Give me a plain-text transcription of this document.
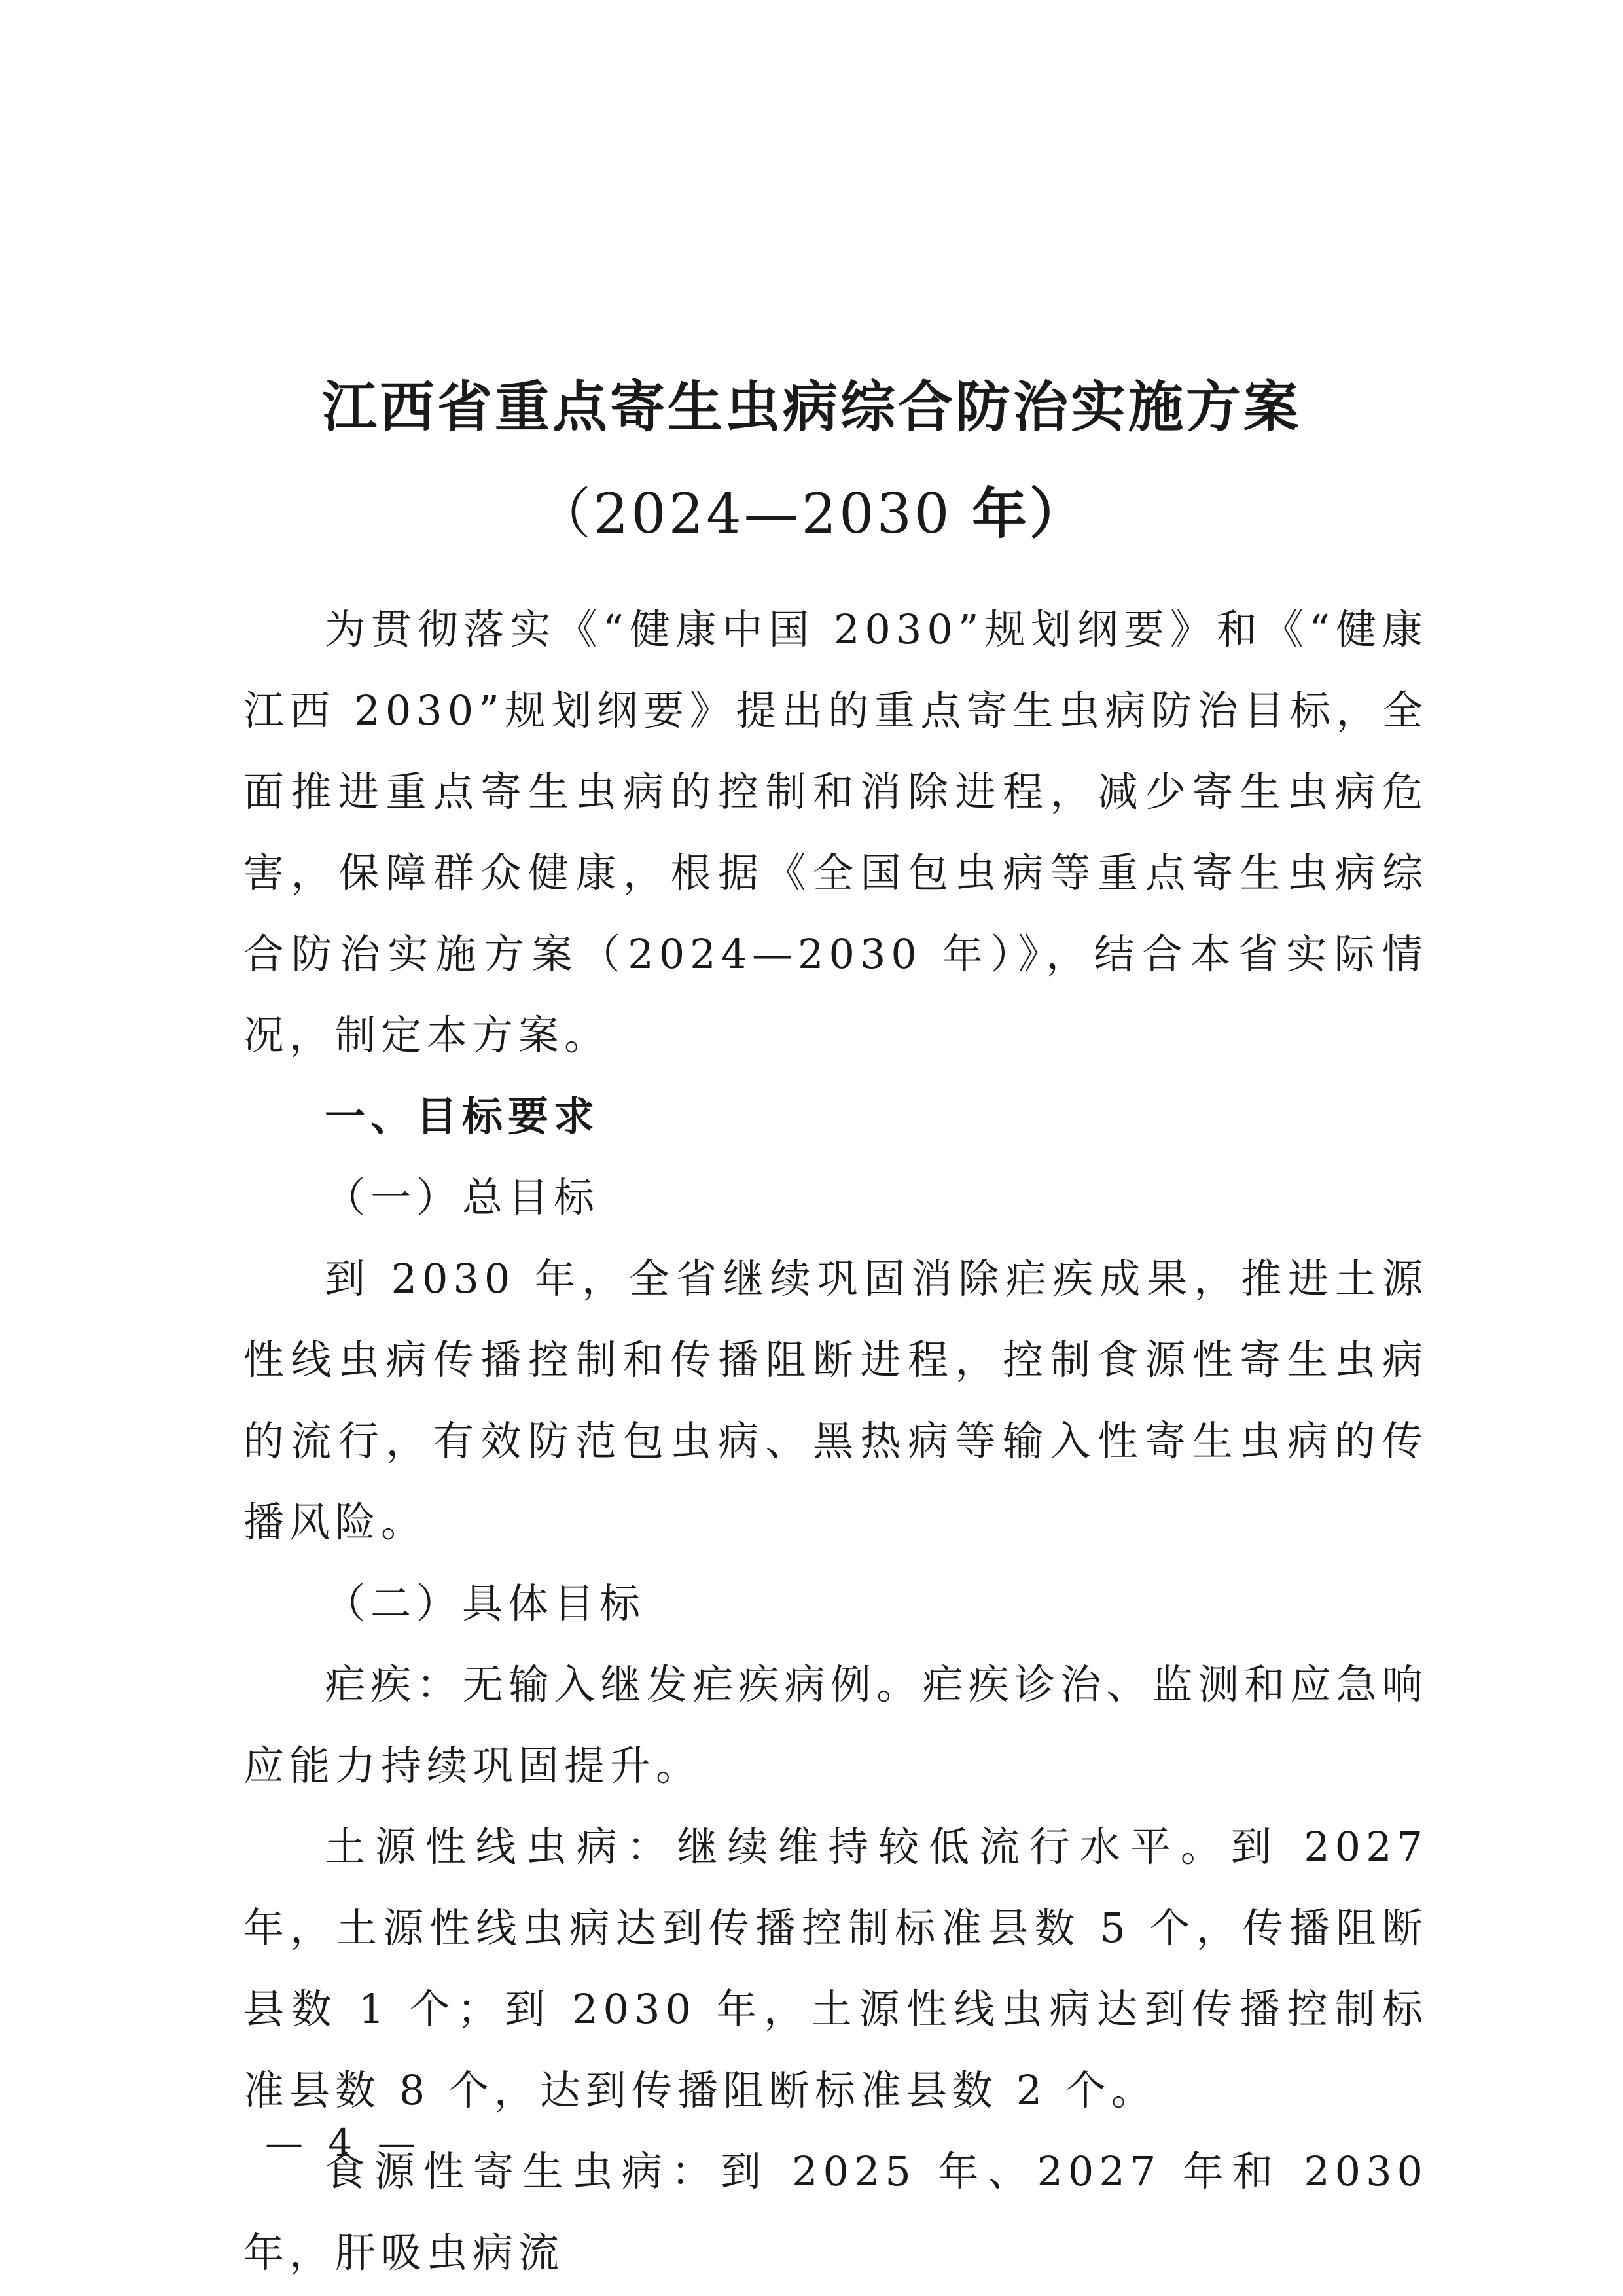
江西省重点寄生虫病综合防治实施方案
（2024—2030 年）

为贯彻落实《“健康中国 2030”规划纲要》和《“健康江西 2030”规划纲要》提出的重点寄生虫病防治目标，全面推进重点寄生虫病的控制和消除进程，减少寄生虫病危害，保障群众健康，根据《全国包虫病等重点寄生虫病综合防治实施方案（2024—2030 年）》，结合本省实际情况，制定本方案。

一、目标要求

（一）总目标

到 2030 年，全省继续巩固消除疟疾成果，推进土源性线虫病传播控制和传播阻断进程，控制食源性寄生虫病的流行，有效防范包虫病、黑热病等输入性寄生虫病的传播风险。

（二）具体目标

疟疾：无输入继发疟疾病例。疟疾诊治、监测和应急响应能力持续巩固提升。

土源性线虫病：继续维持较低流行水平。到 2027 年，土源性线虫病达到传播控制标准县数 5 个，传播阻断县数 1 个；到 2030 年，土源性线虫病达到传播控制标准县数 8 个，达到传播阻断标准县数 2 个。

食源性寄生虫病：到 2025 年、2027 年和 2030 年，肝吸虫病流

— 4 —
